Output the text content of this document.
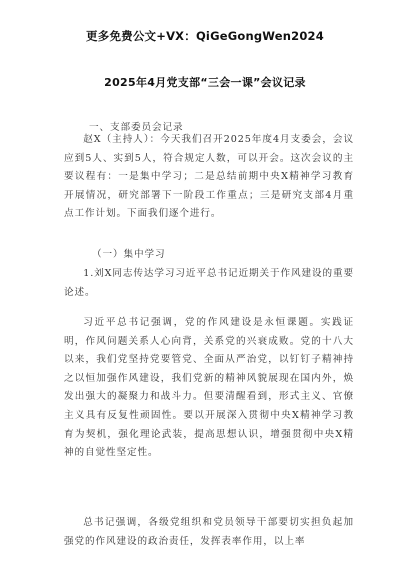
更多免费公文+VX：QiGeGongWen2024
2025年4月党支部“三会一课”会议记录
一、支部委员会记录

赵X（主持人）：今天我们召开2025年度4月支委会，会议应到5人、实到5人，符合规定人数，可以开会。这次会议的主要议程有：一是集中学习；二是总结前期中央X精神学习教育开展情况，研究部署下一阶段工作重点；三是研究支部4月重点工作计划。下面我们逐个进行。

（一）集中学习

1.刘X同志传达学习习近平总书记近期关于作风建设的重要论述。

习近平总书记强调，党的作风建设是永恒课题。实践证明，作风问题关系人心向背，关系党的兴衰成败。党的十八大以来，我们党坚持党要管党、全面从严治党，以钉钉子精神持之以恒加强作风建设，我们党新的精神风貌展现在国内外，焕发出强大的凝聚力和战斗力。但要清醒看到，形式主义、官僚主义具有反复性顽固性。要以开展深入贯彻中央X精神学习教育为契机，强化理论武装，提高思想认识，增强贯彻中央X精神的自觉性坚定性。

总书记强调，各级党组织和党员领导干部要切实担负起加强党的作风建设的政治责任，发挥表率作用，以上率
